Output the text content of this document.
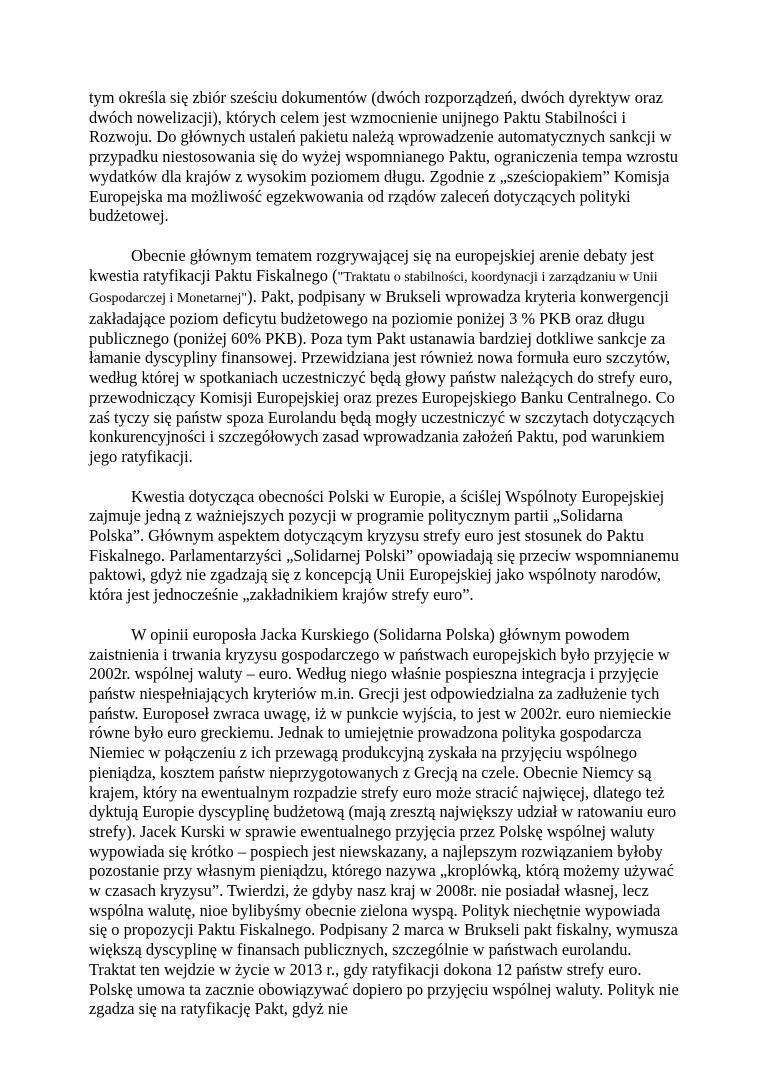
tym określa się zbiór sześciu dokumentów (dwóch rozporządzeń, dwóch dyrektyw oraz dwóch nowelizacji), których celem jest wzmocnienie unijnego Paktu Stabilności i Rozwoju. Do głównych ustaleń pakietu należą wprowadzenie automatycznych sankcji w przypadku niestosowania się do wyżej wspomnianego Paktu, ograniczenia tempa wzrostu wydatków dla krajów z wysokim poziomem długu. Zgodnie z „sześciopakiem” Komisja Europejska ma możliwość egzekwowania od rządów zaleceń dotyczących polityki budżetowej.

Obecnie głównym tematem rozgrywającej się na europejskiej arenie debaty jest kwestia ratyfikacji Paktu Fiskalnego ("Traktatu o stabilności, koordynacji i zarządzaniu w Unii Gospodarczej i Monetarnej"). Pakt, podpisany w Brukseli wprowadza kryteria konwergencji zakładające poziom deficytu budżetowego na poziomie poniżej 3 % PKB oraz długu publicznego (poniżej 60% PKB). Poza tym Pakt ustanawia bardziej dotkliwe sankcje za łamanie dyscypliny finansowej. Przewidziana jest również nowa formuła euro szczytów, według której w spotkaniach uczestniczyć będą głowy państw należących do strefy euro, przewodniczący Komisji Europejskiej oraz prezes Europejskiego Banku Centralnego. Co zaś tyczy się państw spoza Eurolandu będą mogły uczestniczyć w szczytach dotyczących konkurencyjności i szczegółowych zasad wprowadzania założeń Paktu, pod warunkiem jego ratyfikacji.

Kwestia dotycząca obecności Polski w Europie, a ściślej Wspólnoty Europejskiej zajmuje jedną z ważniejszych pozycji w programie politycznym partii „Solidarna Polska”. Głównym aspektem dotyczącym kryzysu strefy euro jest stosunek do Paktu Fiskalnego. Parlamentarzyści „Solidarnej Polski” opowiadają się przeciw wspomnianemu paktowi, gdyż nie zgadzają się z koncepcją Unii Europejskiej jako wspólnoty narodów, która jest jednocześnie „zakładnikiem krajów strefy euro”.

W opinii europosła Jacka Kurskiego (Solidarna Polska) głównym powodem zaistnienia i trwania kryzysu gospodarczego w państwach europejskich było przyjęcie w 2002r. wspólnej waluty – euro. Według niego właśnie pospieszna integracja i przyjęcie państw niespełniających kryteriów m.in. Grecji jest odpowiedzialna za zadłużenie tych państw. Europoseł zwraca uwagę, iż w punkcie wyjścia, to jest w 2002r. euro niemieckie równe było euro greckiemu. Jednak to umiejętnie prowadzona polityka gospodarcza Niemiec w połączeniu z ich przewagą produkcyjną zyskała na przyjęciu wspólnego pieniądza, kosztem państw nieprzygotowanych z Grecją na czele. Obecnie Niemcy są krajem, który na ewentualnym rozpadzie strefy euro może stracić najwięcej, dlatego też dyktują Europie dyscyplinę budżetową (mają zresztą największy udział w ratowaniu euro strefy). Jacek Kurski w sprawie ewentualnego przyjęcia przez Polskę wspólnej waluty wypowiada się krótko – pospiech jest niewskazany, a najlepszym rozwiązaniem byłoby pozostanie przy własnym pieniądzu, którego nazywa „kroplówką, którą możemy używać w czasach kryzysu”. Twierdzi, że gdyby nasz kraj w 2008r. nie posiadał własnej, lecz wspólna walutę, nioe bylibyśmy obecnie zielona wyspą. Polityk niechętnie wypowiada się o propozycji Paktu Fiskalnego. Podpisany 2 marca w Brukseli pakt fiskalny, wymusza większą dyscyplinę w finansach publicznych, szczególnie w państwach eurolandu. Traktat ten wejdzie w życie w 2013 r., gdy ratyfikacji dokona 12 państw strefy euro. Polskę umowa ta zacznie obowiązywać dopiero po przyjęciu wspólnej waluty. Polityk nie zgadza się na ratyfikację Pakt, gdyż nie
